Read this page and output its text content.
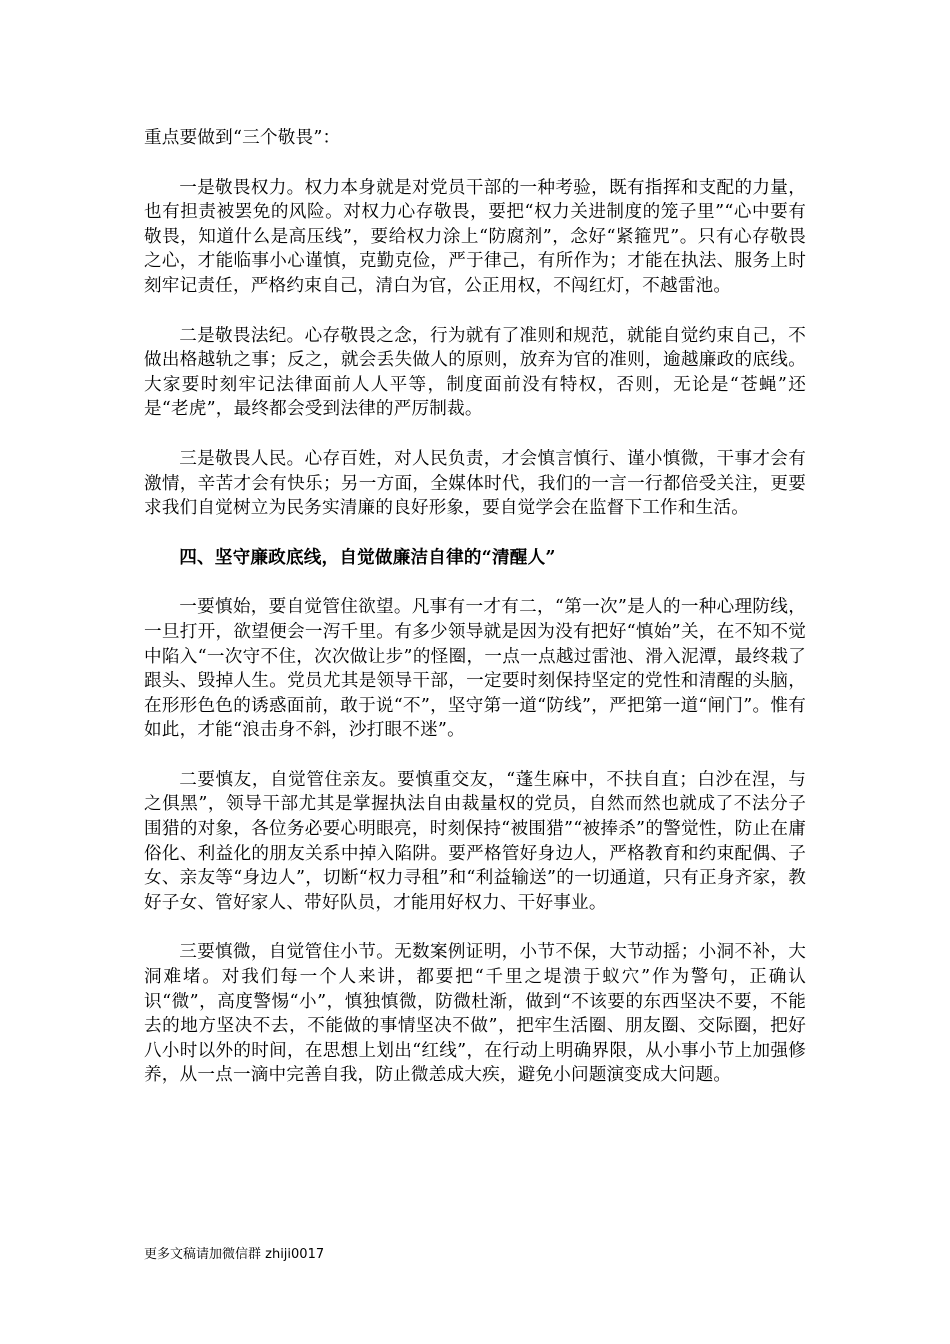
重点要做到“三个敬畏”：

一是敬畏权力。权力本身就是对党员干部的一种考验，既有指挥和支配的力量，也有担责被罢免的风险。对权力心存敬畏，要把“权力关进制度的笼子里”“心中要有敬畏，知道什么是高压线”，要给权力涂上“防腐剂”，念好“紧箍咒”。只有心存敬畏之心，才能临事小心谨慎，克勤克俭，严于律己，有所作为；才能在执法、服务上时刻牢记责任，严格约束自己，清白为官，公正用权，不闯红灯，不越雷池。

二是敬畏法纪。心存敬畏之念，行为就有了准则和规范，就能自觉约束自己，不做出格越轨之事；反之，就会丢失做人的原则，放弃为官的准则，逾越廉政的底线。大家要时刻牢记法律面前人人平等，制度面前没有特权，否则，无论是“苍蝇”还是“老虎”，最终都会受到法律的严厉制裁。

三是敬畏人民。心存百姓，对人民负责，才会慎言慎行、谨小慎微，干事才会有激情，辛苦才会有快乐；另一方面，全媒体时代，我们的一言一行都倍受关注，更要求我们自觉树立为民务实清廉的良好形象，要自觉学会在监督下工作和生活。

四、坚守廉政底线，自觉做廉洁自律的“清醒人”

一要慎始，要自觉管住欲望。凡事有一才有二，“第一次”是人的一种心理防线，一旦打开，欲望便会一泻千里。有多少领导就是因为没有把好“慎始”关，在不知不觉中陷入“一次守不住，次次做让步”的怪圈，一点一点越过雷池、滑入泥潭，最终栽了跟头、毁掉人生。党员尤其是领导干部，一定要时刻保持坚定的党性和清醒的头脑，在形形色色的诱惑面前，敢于说“不”，坚守第一道“防线”，严把第一道“闸门”。惟有如此，才能“浪击身不斜，沙打眼不迷”。

二要慎友，自觉管住亲友。要慎重交友，“蓬生麻中，不扶自直；白沙在涅，与之俱黑”，领导干部尤其是掌握执法自由裁量权的党员，自然而然也就成了不法分子围猎的对象，各位务必要心明眼亮，时刻保持“被围猎”“被捧杀”的警觉性，防止在庸俗化、利益化的朋友关系中掉入陷阱。要严格管好身边人，严格教育和约束配偶、子女、亲友等“身边人”，切断“权力寻租”和“利益输送”的一切通道，只有正身齐家，教好子女、管好家人、带好队员，才能用好权力、干好事业。

三要慎微，自觉管住小节。无数案例证明，小节不保，大节动摇；小洞不补，大洞难堵。对我们每一个人来讲，都要把“千里之堤溃于蚁穴”作为警句，正确认识“微”，高度警惕“小”，慎独慎微，防微杜渐，做到“不该要的东西坚决不要，不能去的地方坚决不去，不能做的事情坚决不做”，把牢生活圈、朋友圈、交际圈，把好八小时以外的时间，在思想上划出“红线”，在行动上明确界限，从小事小节上加强修养，从一点一滴中完善自我，防止微恙成大疾，避免小问题演变成大问题。

更多文稿请加微信群 zhiji0017
